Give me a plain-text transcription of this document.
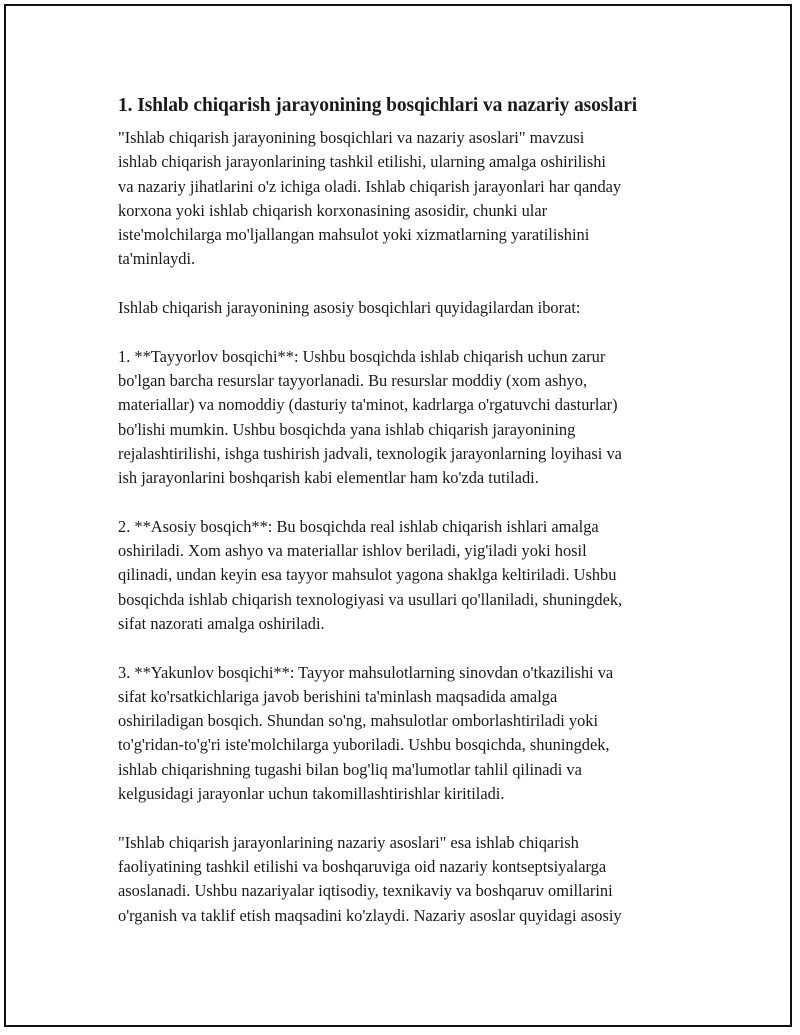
1. Ishlab chiqarish jarayonining bosqichlari va nazariy asoslari
"Ishlab chiqarish jarayonining bosqichlari va nazariy asoslari" mavzusi
ishlab chiqarish jarayonlarining tashkil etilishi, ularning amalga oshirilishi
va nazariy jihatlarini o'z ichiga oladi. Ishlab chiqarish jarayonlari har qanday
korxona yoki ishlab chiqarish korxonasining asosidir, chunki ular
iste'molchilarga mo'ljallangan mahsulot yoki xizmatlarning yaratilishini
ta'minlaydi.
Ishlab chiqarish jarayonining asosiy bosqichlari quyidagilardan iborat:
1. **Tayyorlov bosqichi**: Ushbu bosqichda ishlab chiqarish uchun zarur
bo'lgan barcha resurslar tayyorlanadi. Bu resurslar moddiy (xom ashyo,
materiallar) va nomoddiy (dasturiy ta'minot, kadrlarga o'rgatuvchi dasturlar)
bo'lishi mumkin. Ushbu bosqichda yana ishlab chiqarish jarayonining
rejalashtirilishi, ishga tushirish jadvali, texnologik jarayonlarning loyihasi va
ish jarayonlarini boshqarish kabi elementlar ham ko'zda tutiladi.
2. **Asosiy bosqich**: Bu bosqichda real ishlab chiqarish ishlari amalga
oshiriladi. Xom ashyo va materiallar ishlov beriladi, yig'iladi yoki hosil
qilinadi, undan keyin esa tayyor mahsulot yagona shaklga keltiriladi. Ushbu
bosqichda ishlab chiqarish texnologiyasi va usullari qo'llaniladi, shuningdek,
sifat nazorati amalga oshiriladi.
3. **Yakunlov bosqichi**: Tayyor mahsulotlarning sinovdan o'tkazilishi va
sifat ko'rsatkichlariga javob berishini ta'minlash maqsadida amalga
oshiriladigan bosqich. Shundan so'ng, mahsulotlar omborlashtiriladi yoki
to'g'ridan-to'g'ri iste'molchilarga yuboriladi. Ushbu bosqichda, shuningdek,
ishlab chiqarishning tugashi bilan bog'liq ma'lumotlar tahlil qilinadi va
kelgusidagi jarayonlar uchun takomillashtirishlar kiritiladi.
"Ishlab chiqarish jarayonlarining nazariy asoslari" esa ishlab chiqarish
faoliyatining tashkil etilishi va boshqaruviga oid nazariy kontseptsiyalarga
asoslanadi. Ushbu nazariyalar iqtisodiy, texnikaviy va boshqaruv omillarini
o'rganish va taklif etish maqsadini ko'zlaydi. Nazariy asoslar quyidagi asosiy
